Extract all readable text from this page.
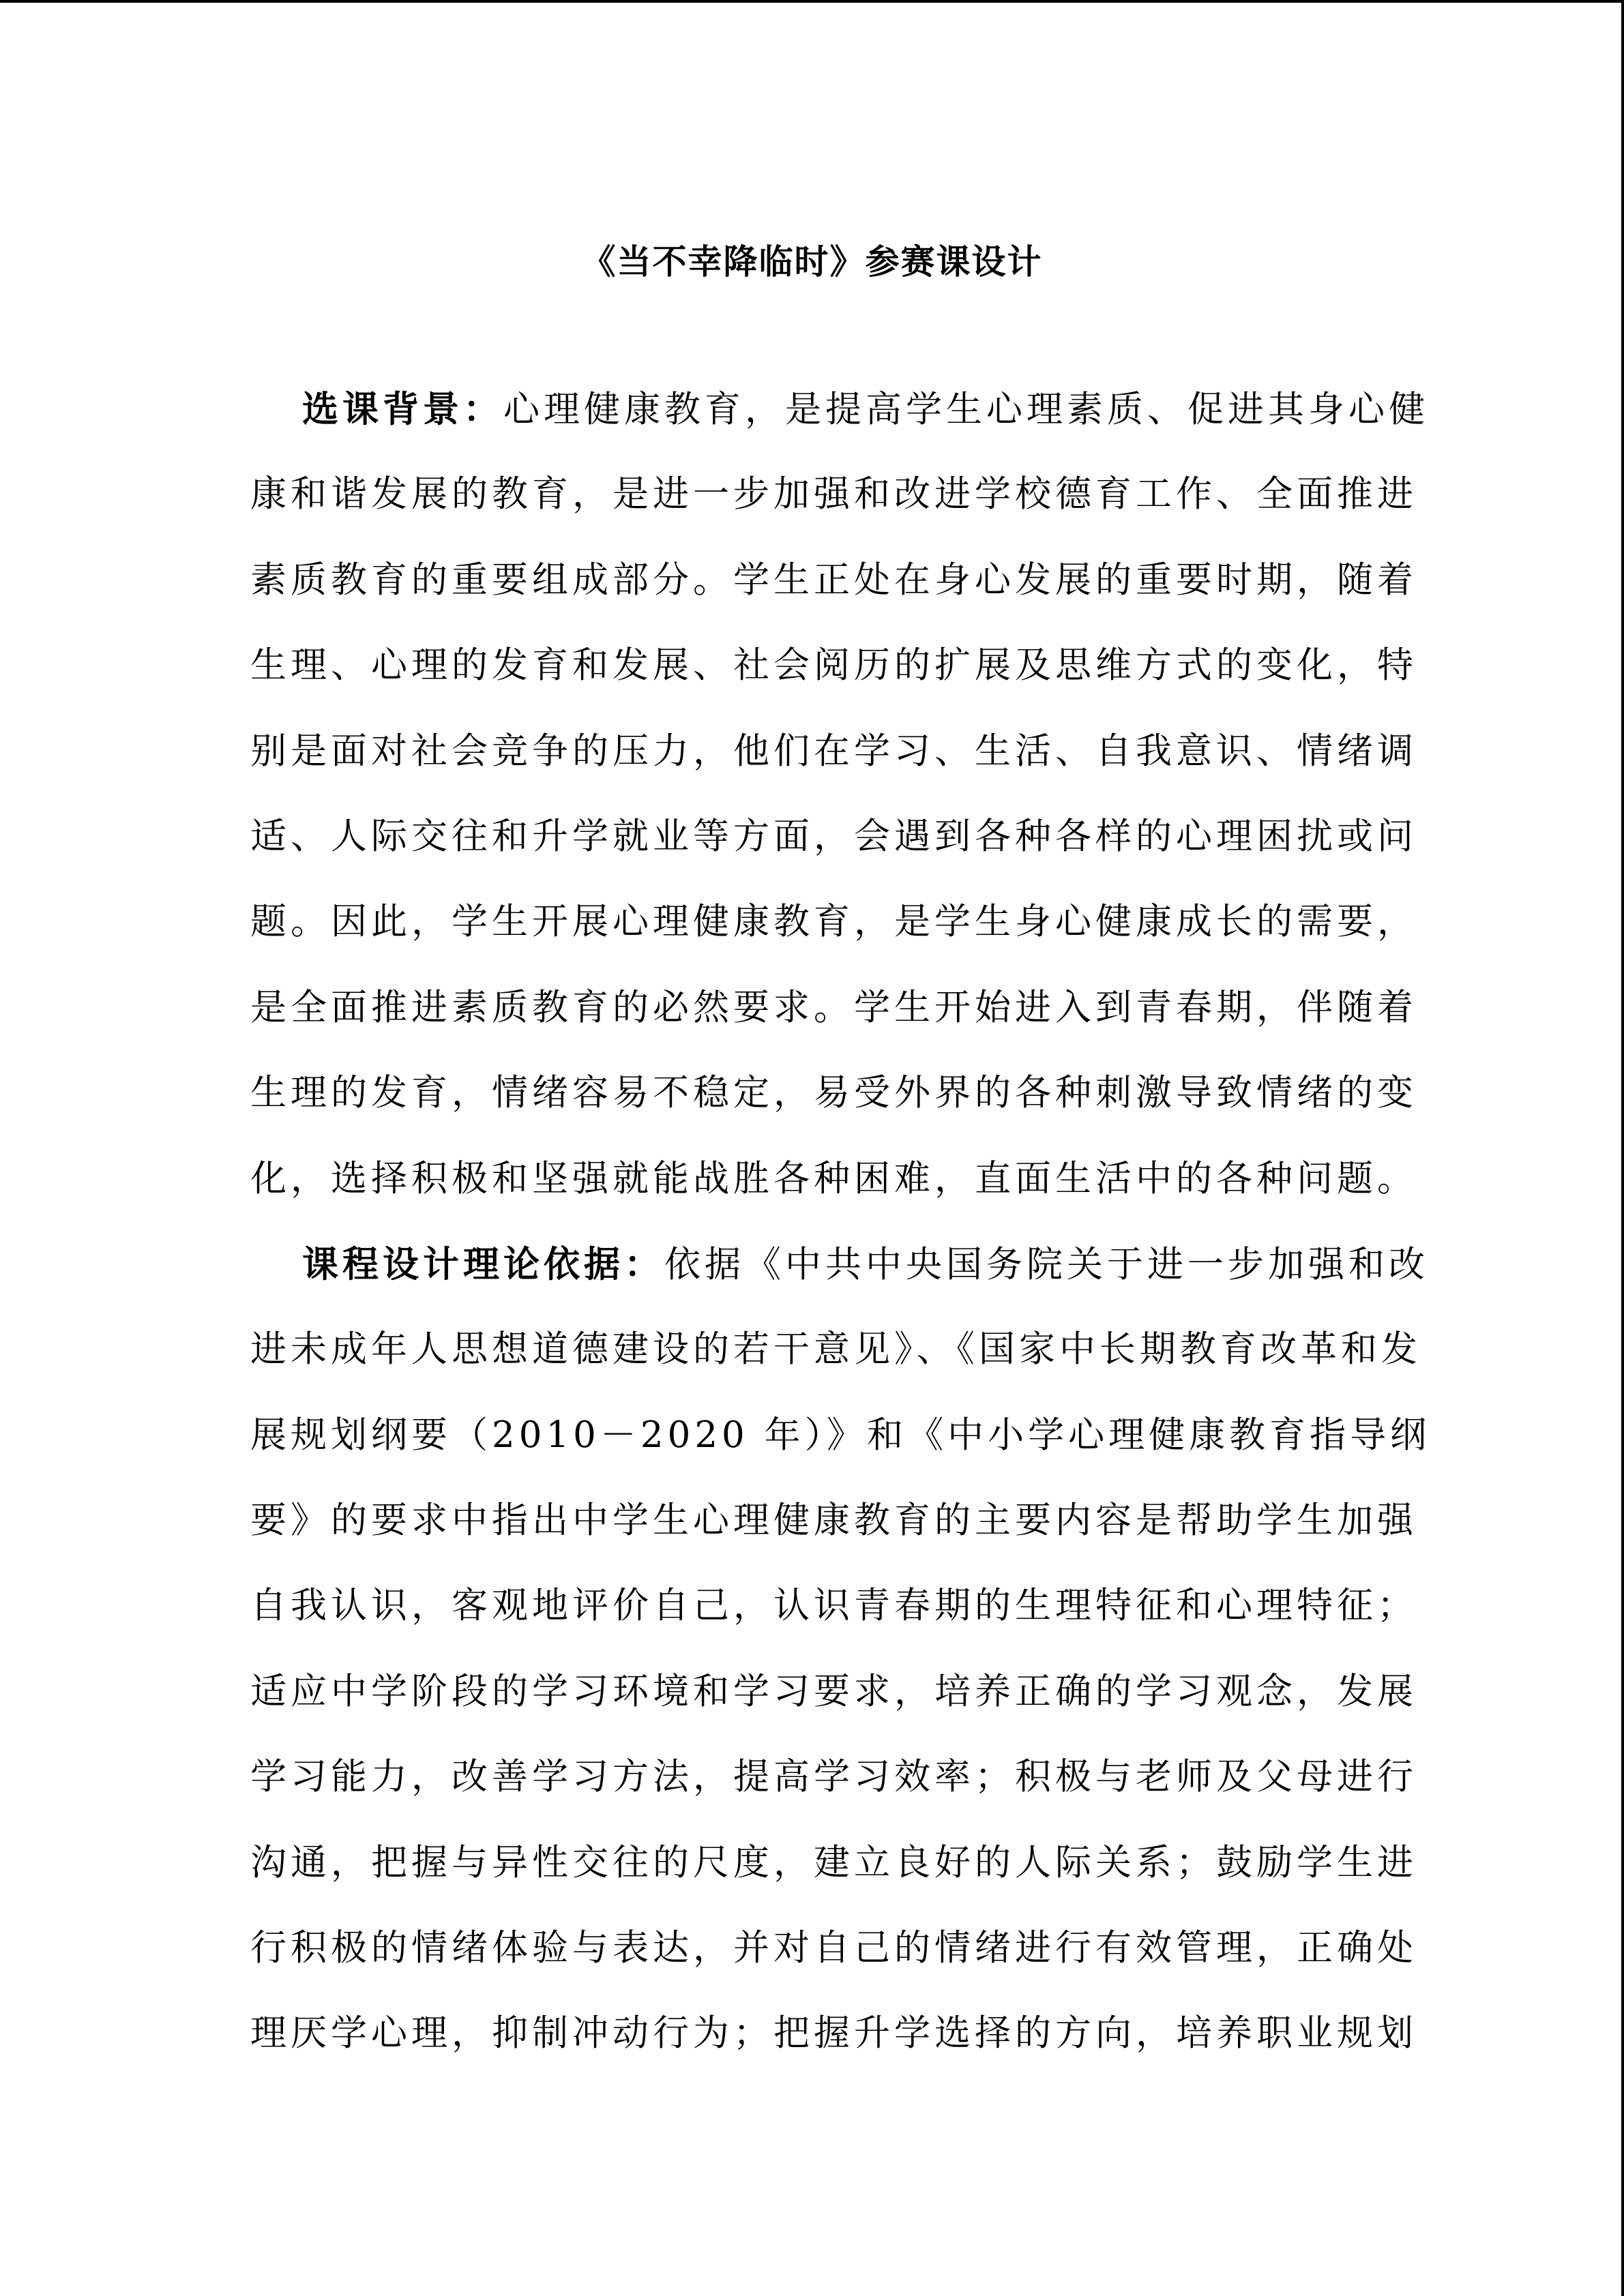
《当不幸降临时》参赛课设计
选课背景：心理健康教育，是提高学生心理素质、促进其身心健
康和谐发展的教育，是进一步加强和改进学校德育工作、全面推进
素质教育的重要组成部分。学生正处在身心发展的重要时期，随着
生理、心理的发育和发展、社会阅历的扩展及思维方式的变化，特
别是面对社会竞争的压力，他们在学习、生活、自我意识、情绪调
适、人际交往和升学就业等方面，会遇到各种各样的心理困扰或问
题。因此，学生开展心理健康教育，是学生身心健康成长的需要，
是全面推进素质教育的必然要求。学生开始进入到青春期，伴随着
生理的发育，情绪容易不稳定，易受外界的各种刺激导致情绪的变
化，选择积极和坚强就能战胜各种困难，直面生活中的各种问题。
课程设计理论依据：依据《中共中央国务院关于进一步加强和改
进未成年人思想道德建设的若干意见》、《国家中长期教育改革和发
展规划纲要（2010－2020 年）》和《中小学心理健康教育指导纲
要》的要求中指出中学生心理健康教育的主要内容是帮助学生加强
自我认识，客观地评价自己，认识青春期的生理特征和心理特征；
适应中学阶段的学习环境和学习要求，培养正确的学习观念，发展
学习能力，改善学习方法，提高学习效率；积极与老师及父母进行
沟通，把握与异性交往的尺度，建立良好的人际关系；鼓励学生进
行积极的情绪体验与表达，并对自己的情绪进行有效管理，正确处
理厌学心理，抑制冲动行为；把握升学选择的方向，培养职业规划
